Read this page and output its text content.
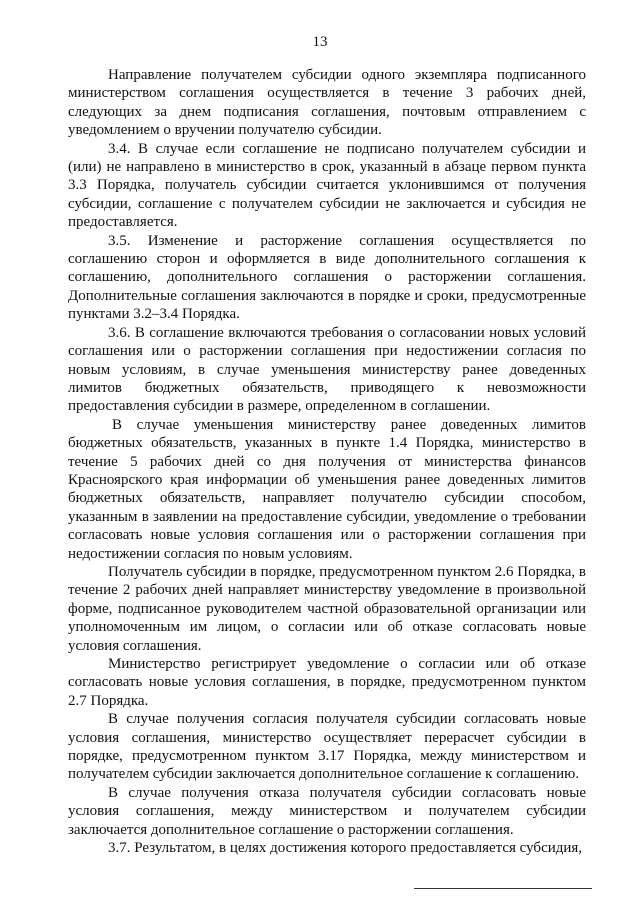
13

Направление получателем субсидии одного экземпляра подписанного министерством соглашения осуществляется в течение 3 рабочих дней, следующих за днем подписания соглашения, почтовым отправлением с уведомлением о вручении получателю субсидии.

3.4. В случае если соглашение не подписано получателем субсидии и (или) не направлено в министерство в срок, указанный в абзаце первом пункта 3.3 Порядка, получатель субсидии считается уклонившимся от получения субсидии, соглашение с получателем субсидии не заключается и субсидия не предоставляется.

3.5. Изменение и расторжение соглашения осуществляется по соглашению сторон и оформляется в виде дополнительного соглашения к соглашению, дополнительного соглашения о расторжении соглашения. Дополнительные соглашения заключаются в порядке и сроки, предусмотренные пунктами 3.2–3.4 Порядка.

3.6. В соглашение включаются требования о согласовании новых условий соглашения или о расторжении соглашения при недостижении согласия по новым условиям, в случае уменьшения министерству ранее доведенных лимитов бюджетных обязательств, приводящего к невозможности предоставления субсидии в размере, определенном в соглашении.

В случае уменьшения министерству ранее доведенных лимитов бюджетных обязательств, указанных в пункте 1.4 Порядка, министерство в течение 5 рабочих дней со дня получения от министерства финансов Красноярского края информации об уменьшения ранее доведенных лимитов бюджетных обязательств, направляет получателю субсидии способом, указанным в заявлении на предоставление субсидии, уведомление о требовании согласовать новые условия соглашения или о расторжении соглашения при недостижении согласия по новым условиям.

Получатель субсидии в порядке, предусмотренном пунктом 2.6 Порядка, в течение 2 рабочих дней направляет министерству уведомление в произвольной форме, подписанное руководителем частной образовательной организации или уполномоченным им лицом, о согласии или об отказе согласовать новые условия соглашения.

Министерство регистрирует уведомление о согласии или об отказе согласовать новые условия соглашения, в порядке, предусмотренном пунктом 2.7 Порядка.

В случае получения согласия получателя субсидии согласовать новые условия соглашения, министерство осуществляет перерасчет субсидии в порядке, предусмотренном пунктом 3.17 Порядка, между министерством и получателем субсидии заключается дополнительное соглашение к соглашению.

В случае получения отказа получателя субсидии согласовать новые условия соглашения, между министерством и получателем субсидии заключается дополнительное соглашение о расторжении соглашения.

3.7. Результатом, в целях достижения которого предоставляется субсидия,
